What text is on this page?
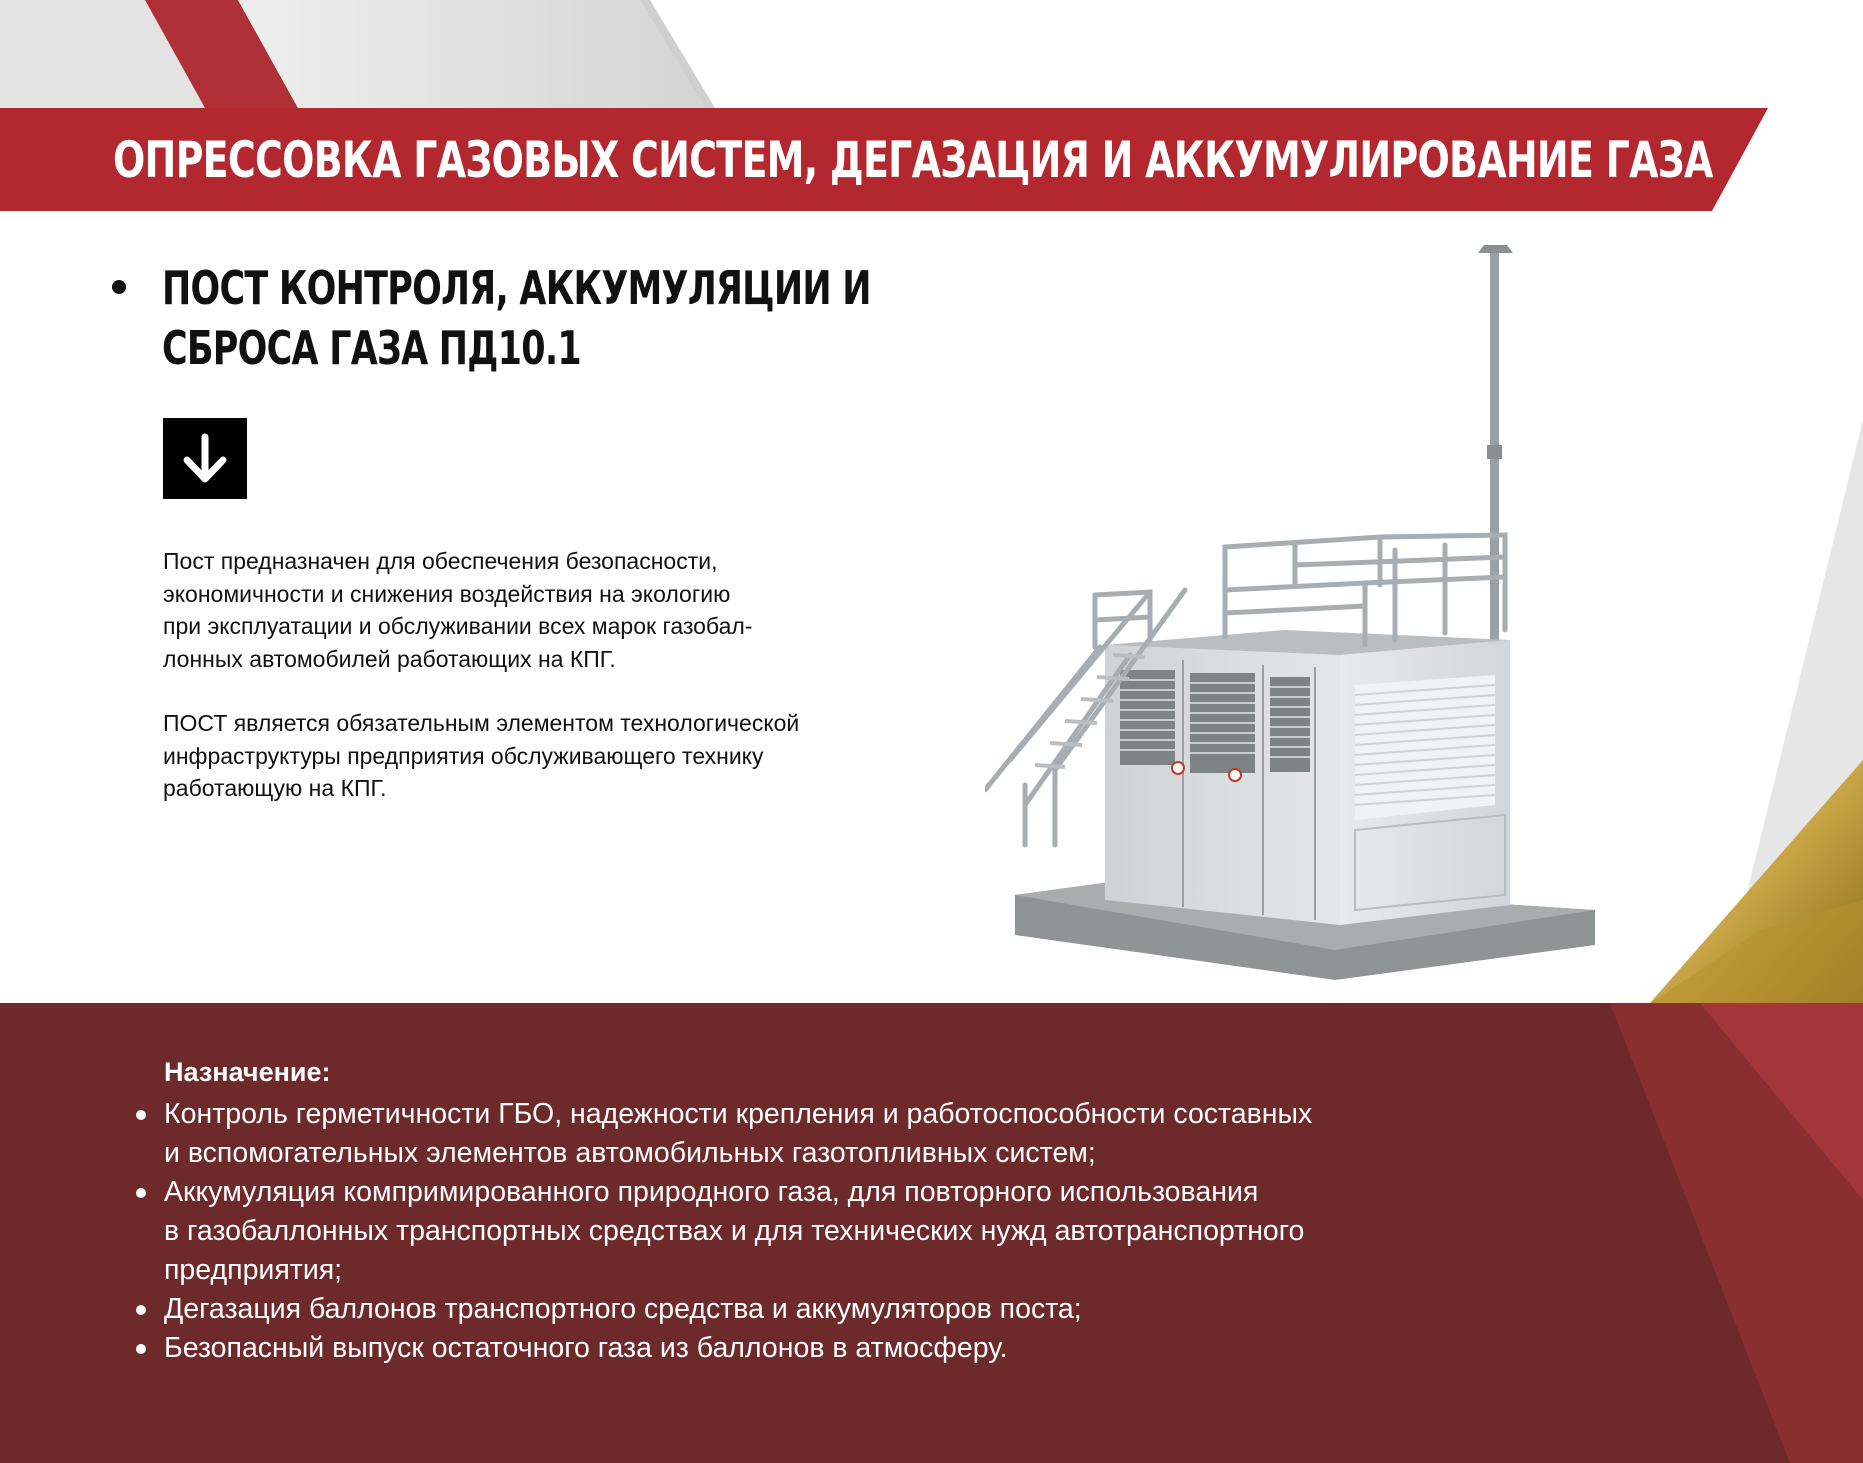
ОПРЕССОВКА ГАЗОВЫХ СИСТЕМ, ДЕГАЗАЦИЯ И АККУМУЛИРОВАНИЕ ГАЗА
ПОСТ КОНТРОЛЯ, АККУМУЛЯЦИИ И
СБРОСА ГАЗА ПД10.1

Пост предназначен для обеспечения безопасности,
экономичности и снижения воздействия на экологию
при эксплуатации и обслуживании всех марок газобал-
лонных автомобилей работающих на КПГ.

ПОСТ является обязательным элементом технологической
инфраструктуры предприятия обслуживающего технику
работающую на КПГ.

Назначение:
Контроль герметичности ГБО, надежности крепления и работоспособности составных
и вспомогательных элементов автомобильных газотопливных систем;
Аккумуляция компримированного природного газа, для повторного использования
в газобаллонных транспортных средствах и для технических нужд автотранспортного
предприятия;
Дегазация баллонов транспортного средства и аккумуляторов поста;
Безопасный выпуск остаточного газа из баллонов в атмосферу.
